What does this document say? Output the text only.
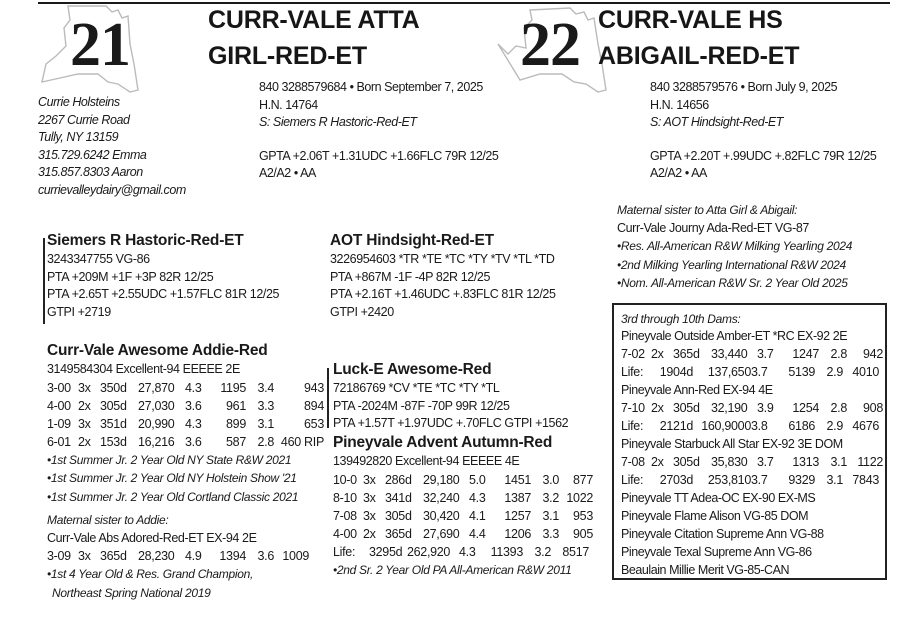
21	CURR-VALE ATTA
GIRL-RED-ET 22 CURR-VALE HS
ABIGAIL-RED-ET
Currie Holsteins
2267 Currie Road
Tully, NY 13159
315.729.6242 Emma
315.857.8303 Aaron
currievalleydairy@gmail.com
840 3288579684 • Born September 7, 2025
H.N. 14764
S: Siemers R Hastoric-Red-ET
GPTA +2.06T +1.31UDC +1.66FLC 79R 12/25
A2/A2 • AA
840 3288579576 • Born July 9, 2025
H.N. 14656
S: AOT Hindsight-Red-ET
GPTA +2.20T +.99UDC +.82FLC 79R 12/25
A2/A2 • AA
Maternal sister to Atta Girl & Abigail:
Curr-Vale Journy Ada-Red-ET VG-87
•Res. All-American R&W Milking Yearling 2024
•2nd Milking Yearling International R&W 2024
•Nom. All-American R&W Sr. 2 Year Old 2025
Siemers R Hastoric-Red-ET
3243347755 VG-86
PTA +209M +1F +3P 82R 12/25
PTA +2.65T +2.55UDC +1.57FLC 81R 12/25
GTPI +2719
AOT Hindsight-Red-ET
3226954603 *TR *TE *TC *TY *TV *TL *TD
PTA +867M -1F -4P 82R 12/25
PTA +2.16T +1.46UDC +.83FLC 81R 12/25
GTPI +2420
Curr-Vale Awesome Addie-Red
3149584304 Excellent-94 EEEEE 2E
3-00 3x 350d 27,870 4.3	1195 3.4	943
4-00 2x 305d 27,030 3.6	961 3.3	894
1-09 3x 351d 20,990 4.3	899 3.1	653
6-01 2x 153d 16,216 3.6	587 2.8 460 RIP
•1st Summer Jr. 2 Year Old NY State R&W 2021
•1st Summer Jr. 2 Year Old NY Holstein Show '21
•1st Summer Jr. 2 Year Old Cortland Classic 2021
Maternal sister to Addie:
Curr-Vale Abs Adored-Red-ET EX-94 2E
3-09 3x 365d 28,230 4.9	1394 3.6 1009
•1st 4 Year Old & Res. Grand Champion,
Northeast Spring National 2019
Luck-E Awesome-Red
72186769 *CV *TE *TC *TY *TL
PTA -2024M -87F -70P 99R 12/25
PTA +1.57T +1.97UDC +.70FLC GTPI +1562
Pineyvale Advent Autumn-Red
139492820 Excellent-94 EEEEE 4E
10-0 3x 286d 29,180 5.0	1451 3.0	877
8-10 3x 341d 32,240 4.3	1387 3.2 1022
7-08 3x 305d 30,420 4.1	1257 3.1	953
4-00 2x 365d 27,690 4.4	1206 3.3	905
Life:	3295d 262,920 4.3	11393 3.2 8517
•2nd Sr. 2 Year Old PA All-American R&W 2011
3rd through 10th Dams:
Pineyvale Outside Amber-ET *RC EX-92 2E
7-02 2x 365d 33,440 3.7	1247 2.8	942
Life:	1904d	137,650 3.7	5139 2.9 4010
Pineyvale Ann-Red EX-94 4E
7-10 2x 305d 32,190 3.9	1254 2.8	908
Life:	2121d 160,9000 3.8	6186 2.9 4676
Pineyvale Starbuck All Star EX-92 3E DOM
7-08 2x 305d 35,830 3.7	1313 3.1 1122
Life:	2703d	253,810 3.7	9329 3.1 7843
Pineyvale TT Adea-OC EX-90 EX-MS
Pineyvale Flame Alison VG-85 DOM
Pineyvale Citation Supreme Ann VG-88
Pineyvale Texal Supreme Ann VG-86
Beaulain Millie Merit VG-85-CAN
